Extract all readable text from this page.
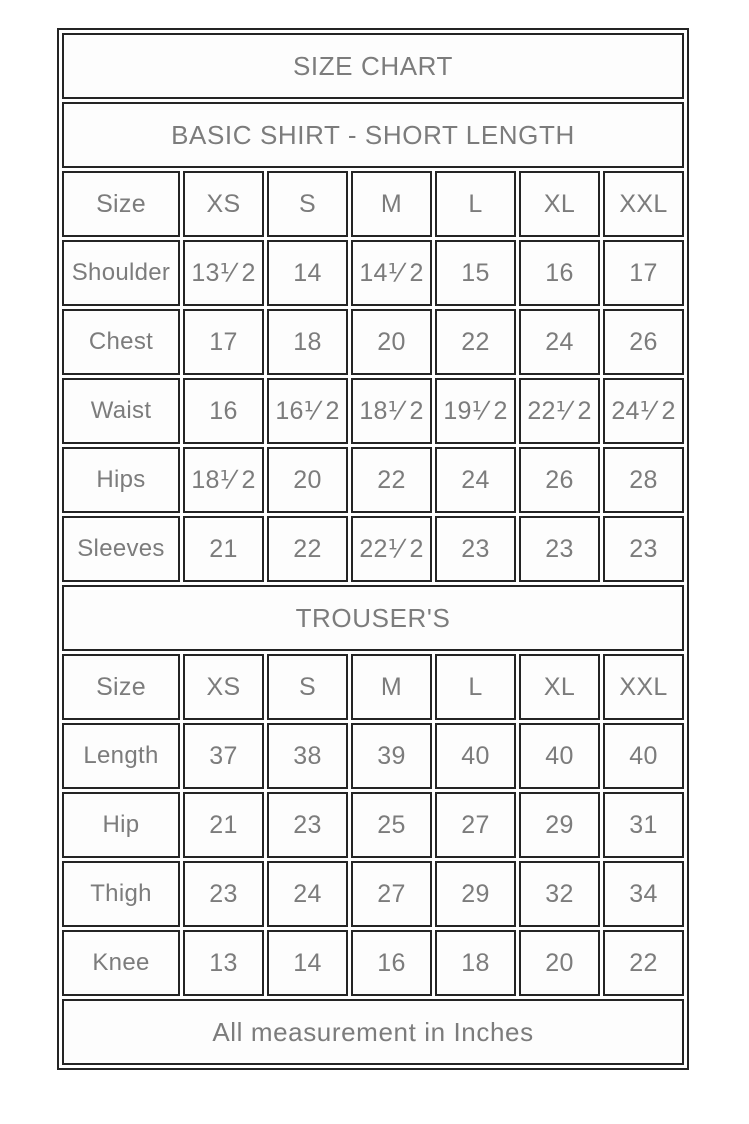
SIZE CHART						
BASIC SHIRT - SHORT LENGTH						
Size	XS	S	M	L	XL	XXL
Shoulder	13⅟ 2	14	14⅟ 2	15	16	17
Chest	17	18	20	22	24	26
Waist	16	16⅟ 2	18⅟ 2	19⅟ 2	22⅟ 2	24⅟ 2
Hips	18⅟ 2	20	22	24	26	28
Sleeves	21	22	22⅟ 2	23	23	23
TROUSER'S						
Size	XS	S	M	L	XL	XXL
Length	37	38	39	40	40	40
Hip	21	23	25	27	29	31
Thigh	23	24	27	29	32	34
Knee	13	14	16	18	20	22
All measurement in Inches						
